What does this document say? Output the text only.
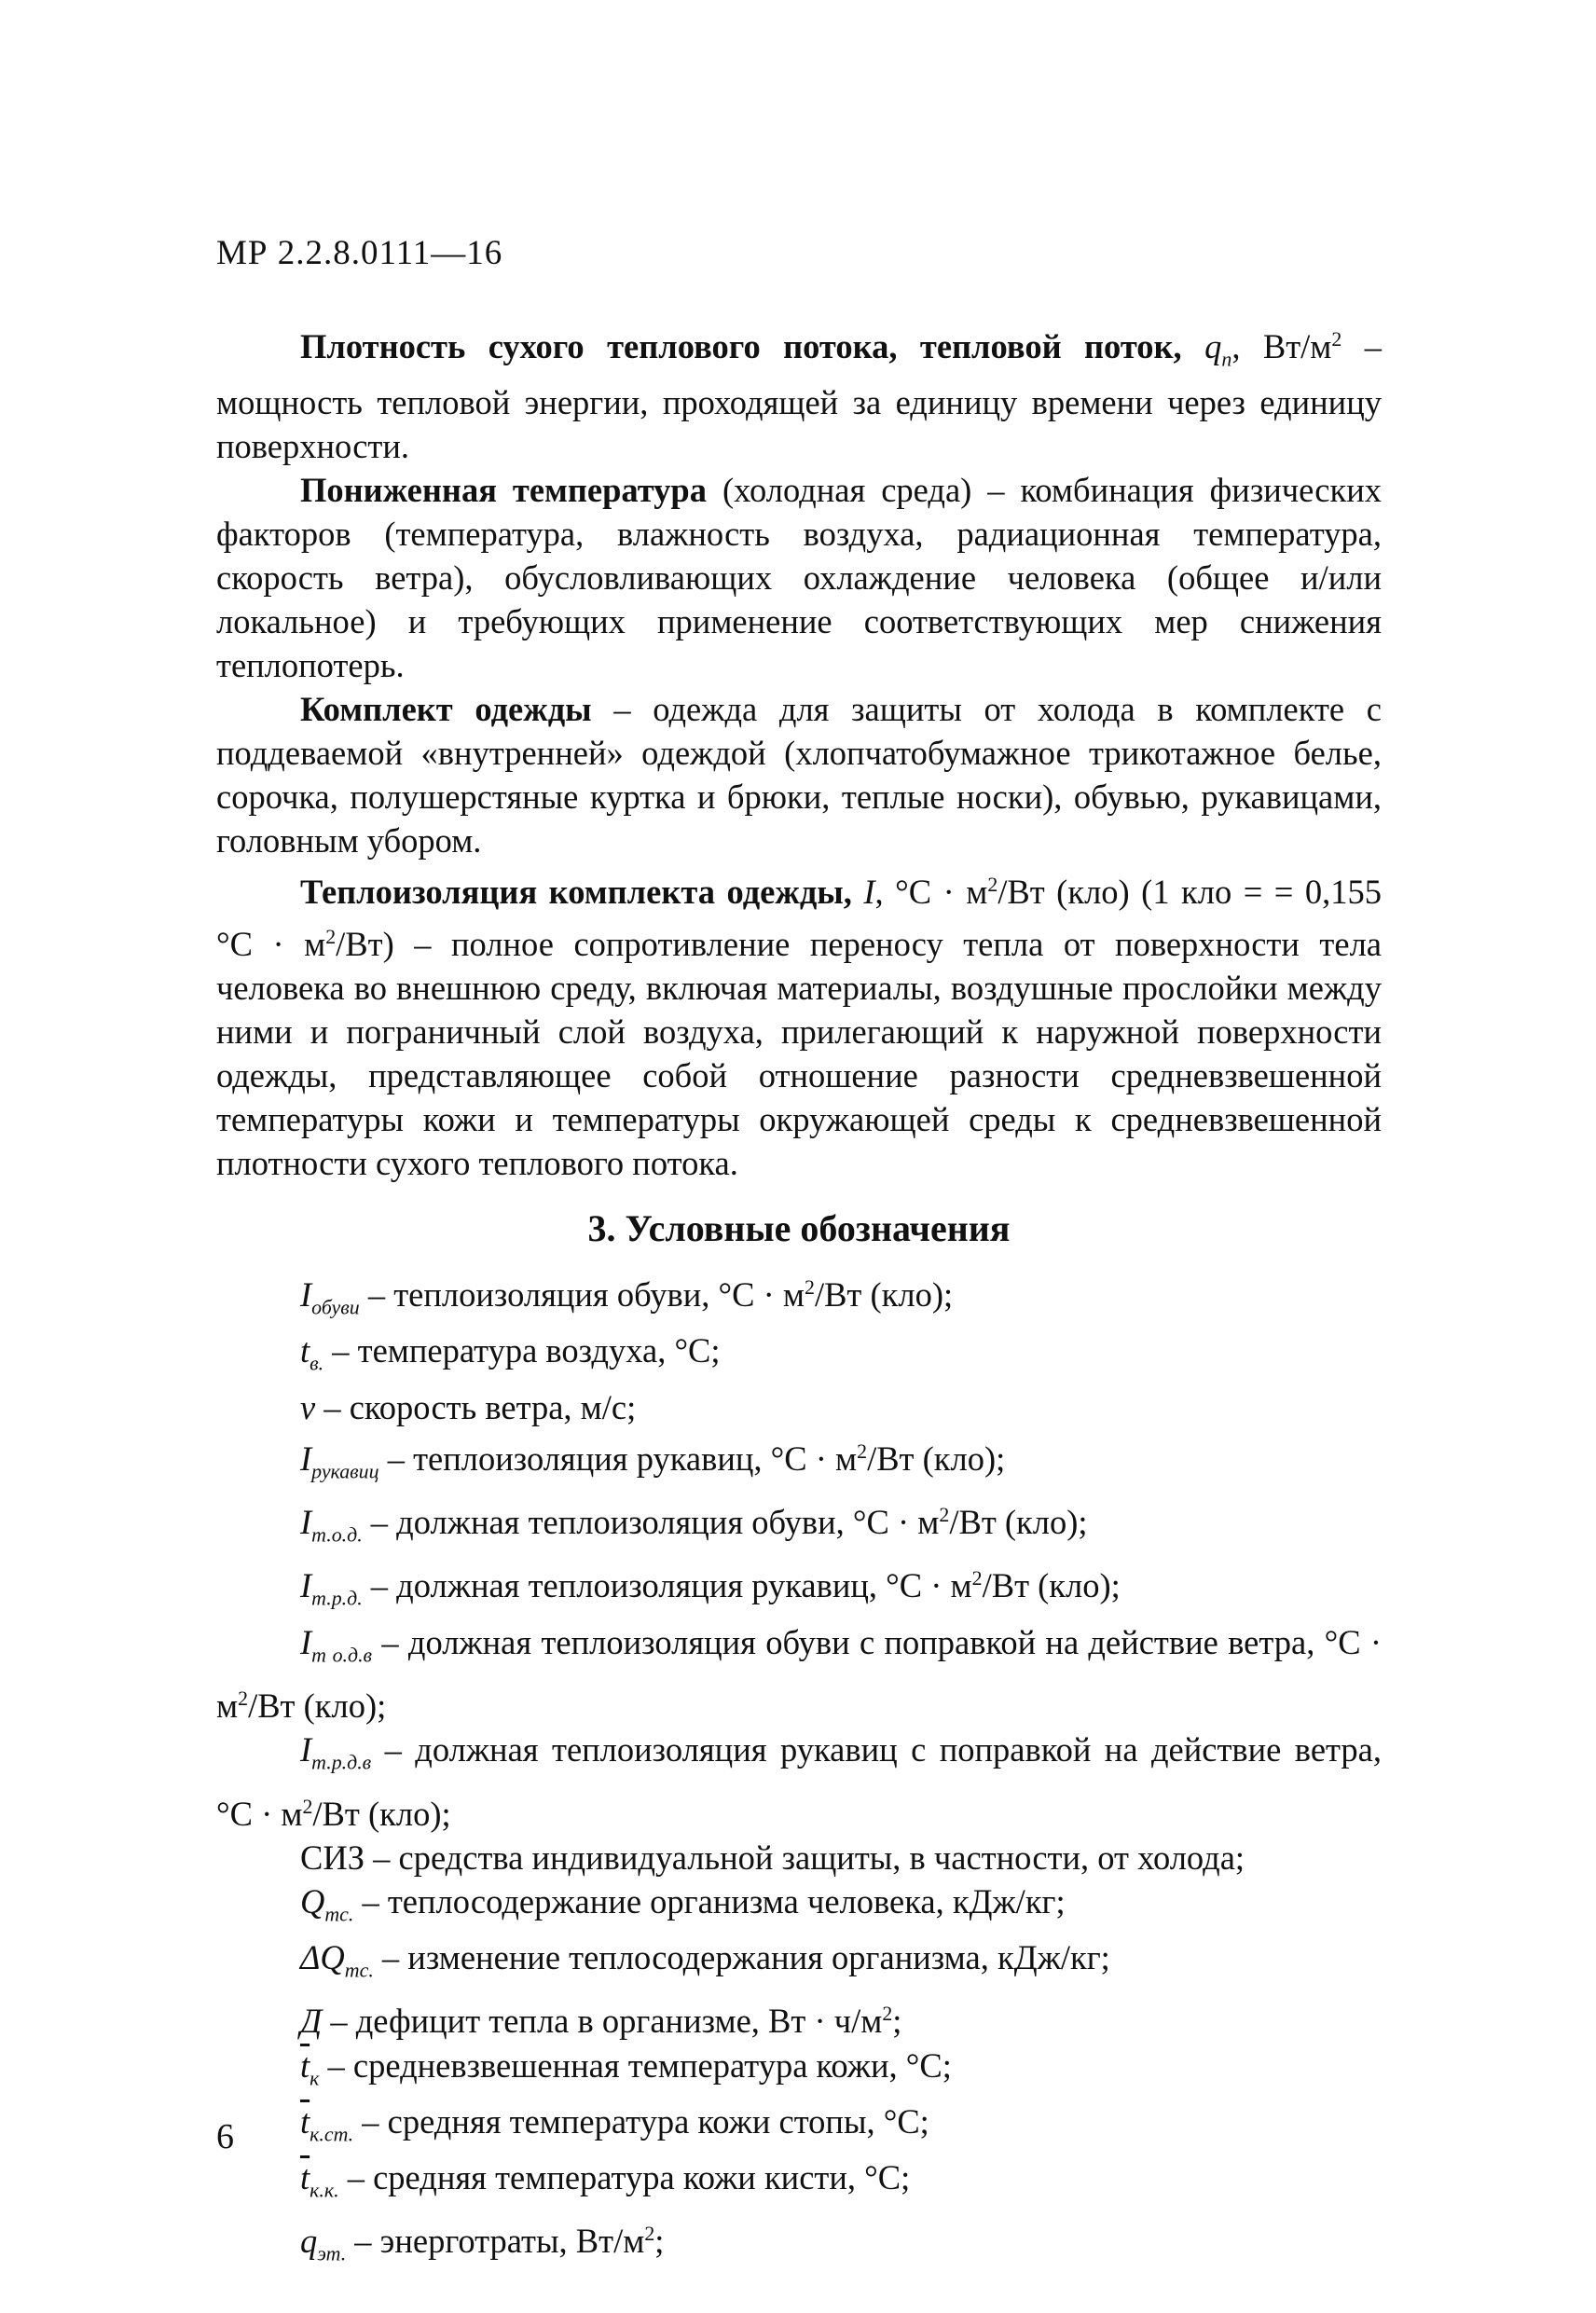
МР 2.2.8.0111—16

Плотность сухого теплового потока, тепловой поток, $q_п$, $Вт/м^2$ – мощность тепловой энергии, проходящей за единицу времени через единицу поверхности.

Пониженная температура (холодная среда) – комбинация физических факторов (температура, влажность воздуха, радиационная температура, скорость ветра), обусловливающих охлаждение человека (общее и/или локальное) и требующих применение соответствующих мер снижения теплопотерь.

Комплект одежды – одежда для защиты от холода в комплекте с поддеваемой «внутренней» одеждой (хлопчатобумажное трикотажное белье, сорочка, полушерстяные куртка и брюки, теплые носки), обувью, рукавицами, головным убором.

Теплоизоляция комплекта одежды, I, $^\circ С \cdot м^2/Вт$ (кло) (1 кло = = 0,155 $^\circ С \cdot м^2/Вт$) – полное сопротивление переносу тепла от поверхности тела человека во внешнюю среду, включая материалы, воздушные прослойки между ними и пограничный слой воздуха, прилегающий к наружной поверхности одежды, представляющее собой отношение разности средневзвешенной температуры кожи и температуры окружающей среды к средневзвешенной плотности сухого теплового потока.

3. Условные обозначения

$I_{обуви}$ – теплоизоляция обуви, $^\circ С \cdot м^2/Вт$ (кло);

$t_{в.}$ – температура воздуха, °С;

v – скорость ветра, м/с;

$I_{рукавиц}$ – теплоизоляция рукавиц, $^\circ С \cdot м^2/Вт$ (кло);

$I_{т.о.д.}$ – должная теплоизоляция обуви, $^\circ С \cdot м^2/Вт$ (кло);

$I_{т.р.д.}$ – должная теплоизоляция рукавиц, $^\circ С \cdot м^2/Вт$ (кло);

$I_{т о.д.в}$ – должная теплоизоляция обуви с поправкой на действие ветра, $^\circ С \cdot м^2/Вт$ (кло);

$I_{т.р.д.в}$ – должная теплоизоляция рукавиц с поправкой на действие ветра, $^\circ С \cdot м^2/Вт$ (кло);

СИЗ – средства индивидуальной защиты, в частности, от холода;

$Q_{тс.}$ – теплосодержание организма человека, кДж/кг;

$\Delta Q_{тс.}$ – изменение теплосодержания организма, кДж/кг;

Д – дефицит тепла в организме, Вт · $ч/м^2$;

$\overline{t}_к$ – средневзвешенная температура кожи, °С;

$\overline{t}_{к.ст.}$ – средняя температура кожи стопы, °С;

$\overline{t}_{к.к.}$ – средняя температура кожи кисти, °С;

$q_{эт.}$ – энерготраты, $Вт/м^2$;

6
